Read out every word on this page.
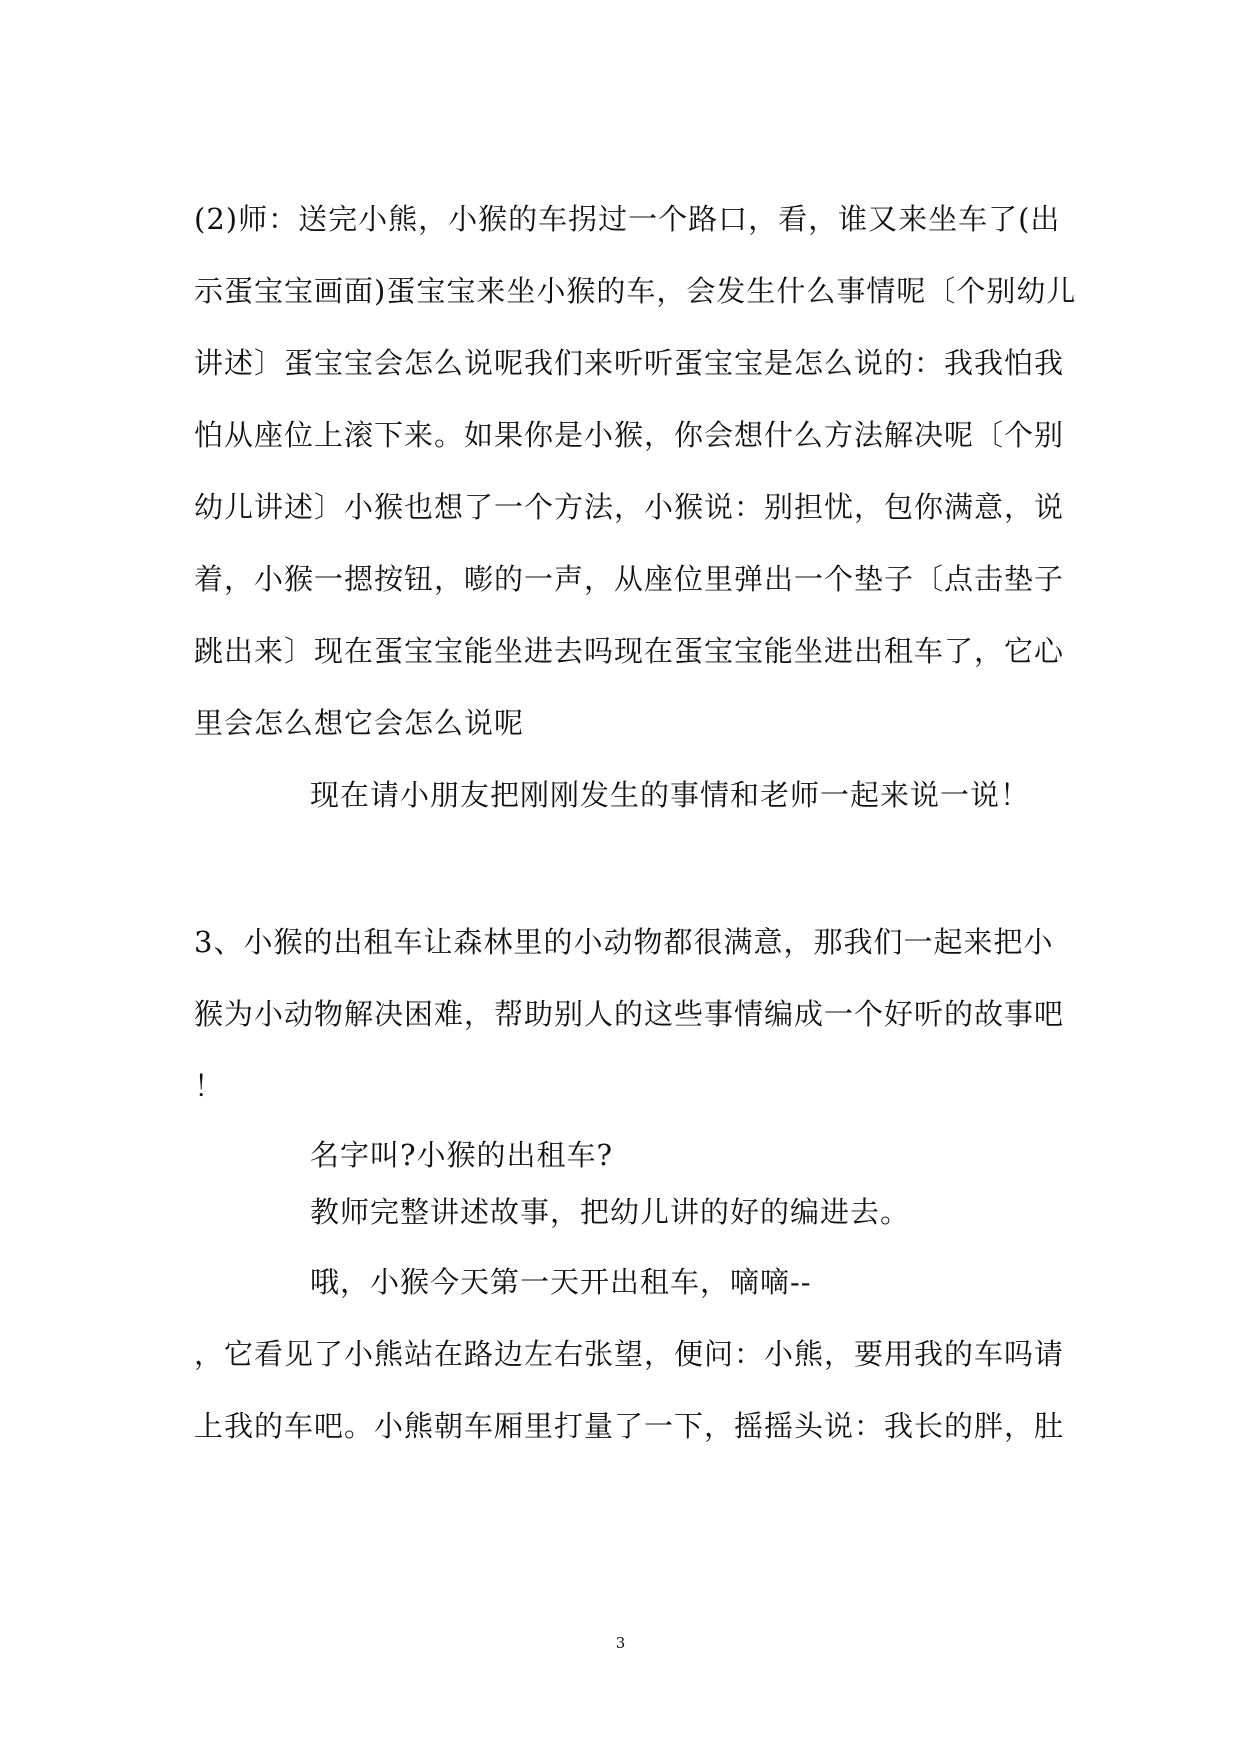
(2)师：送完小熊，小猴的车拐过一个路口，看，谁又来坐车了(出
示蛋宝宝画面)蛋宝宝来坐小猴的车，会发生什么事情呢〔个别幼儿
讲述〕蛋宝宝会怎么说呢我们来听听蛋宝宝是怎么说的：我我怕我
怕从座位上滚下来。如果你是小猴，你会想什么方法解决呢〔个别
幼儿讲述〕小猴也想了一个方法，小猴说：别担忧，包你满意，说
着，小猴一摁按钮，嘭的一声，从座位里弹出一个垫子〔点击垫子
跳出来〕现在蛋宝宝能坐进去吗现在蛋宝宝能坐进出租车了，它心
里会怎么想它会怎么说呢
现在请小朋友把刚刚发生的事情和老师一起来说一说！
3、小猴的出租车让森林里的小动物都很满意，那我们一起来把小
猴为小动物解决困难，帮助别人的这些事情编成一个好听的故事吧
！
名字叫?小猴的出租车?
教师完整讲述故事，把幼儿讲的好的编进去。
哦，小猴今天第一天开出租车，嘀嘀--
，它看见了小熊站在路边左右张望，便问：小熊，要用我的车吗请
上我的车吧。小熊朝车厢里打量了一下，摇摇头说：我长的胖，肚
3
